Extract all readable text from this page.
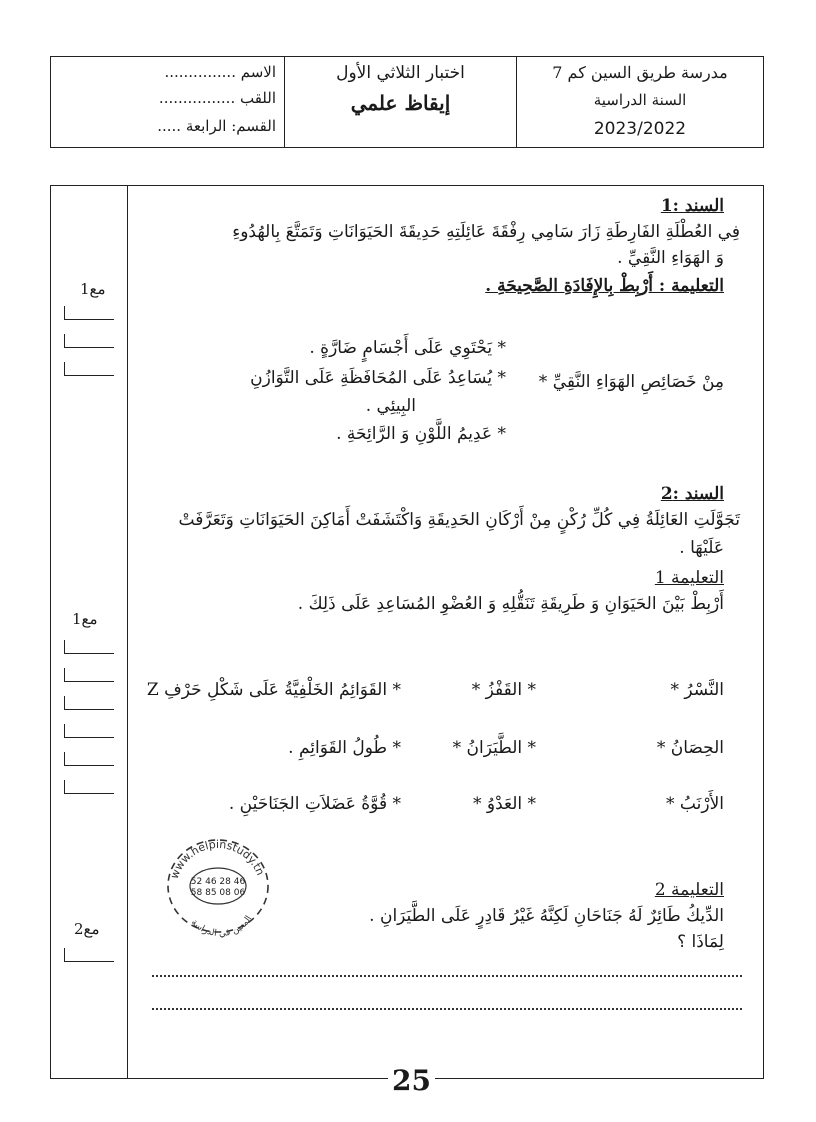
الاسم ...............
اللقب ................
القسم: الرابعة .....
اختبار الثلاثي الأول
إيقاظ علمي
مدرسة طريق السين كم 7
السنة الدراسية
2023/2022
السند :1
فِي العُطْلَةِ الفَارِطَةِ زَارَ سَامِي رِفْقَةَ عَائِلَتِهِ حَدِيقَةَ الحَيَوَانَاتِ وَتَمَتَّعَ بِالهُدُوءِ
وَ الهَوَاءِ النَّقِيِّ .
التعليمة : أَرْبِطْ بِالإِفَادَةِ الصَّحِيحَةِ .
مع1
مِنْ خَصَائِصِ الهَوَاءِ النَّقِيِّ *
* يَحْتَوِي عَلَى أَجْسَامٍ ضَارَّةٍ .
* يُسَاعِدُ عَلَى المُحَافَظَةِ عَلَى التَّوَازُنِ
البِيئِي .
* عَدِيمُ اللَّوْنِ وَ الرَّائِحَةِ .
السند :2
تَجَوَّلَتِ العَائِلَةُ فِي كُلِّ رُكْنٍ مِنْ أَرْكَانِ الحَدِيقَةِ وَاكْتَشَفَتْ أَمَاكِنَ الحَيَوَانَاتِ وَتَعَرَّفَتْ
عَلَيْهَا .
التعليمة 1
أَرْبِطْ بَيْنَ الحَيَوَانِ وَ طَرِيقَةِ تَنَقُّلِهِ وَ العُضْوِ المُسَاعِدِ عَلَى ذَلِكَ .
مع1
النَّسْرُ *
* القَفْزُ *
* القَوَائِمُ الخَلْفِيَّةُ عَلَى شَكْلِ حَرْفِ Z
الحِصَانُ *
* الطَّيَرَانُ *
* طُولُ القَوَائِمِ .
الأَرْنَبُ *
* العَدْوُ *
* قُوَّةُ عَضَلاَتِ الجَنَاحَيْنِ .
www.helpinstudy.tn
52 46 28 46
58 85 08 06
المعين في الدراسة
التعليمة 2
الدِّيكُ طَائِرٌ لَهُ جَنَاحَانِ لَكِنَّهُ غَيْرُ قَادِرٍ عَلَى الطَّيَرَانِ .
لِمَاذَا ؟
مع2
25
